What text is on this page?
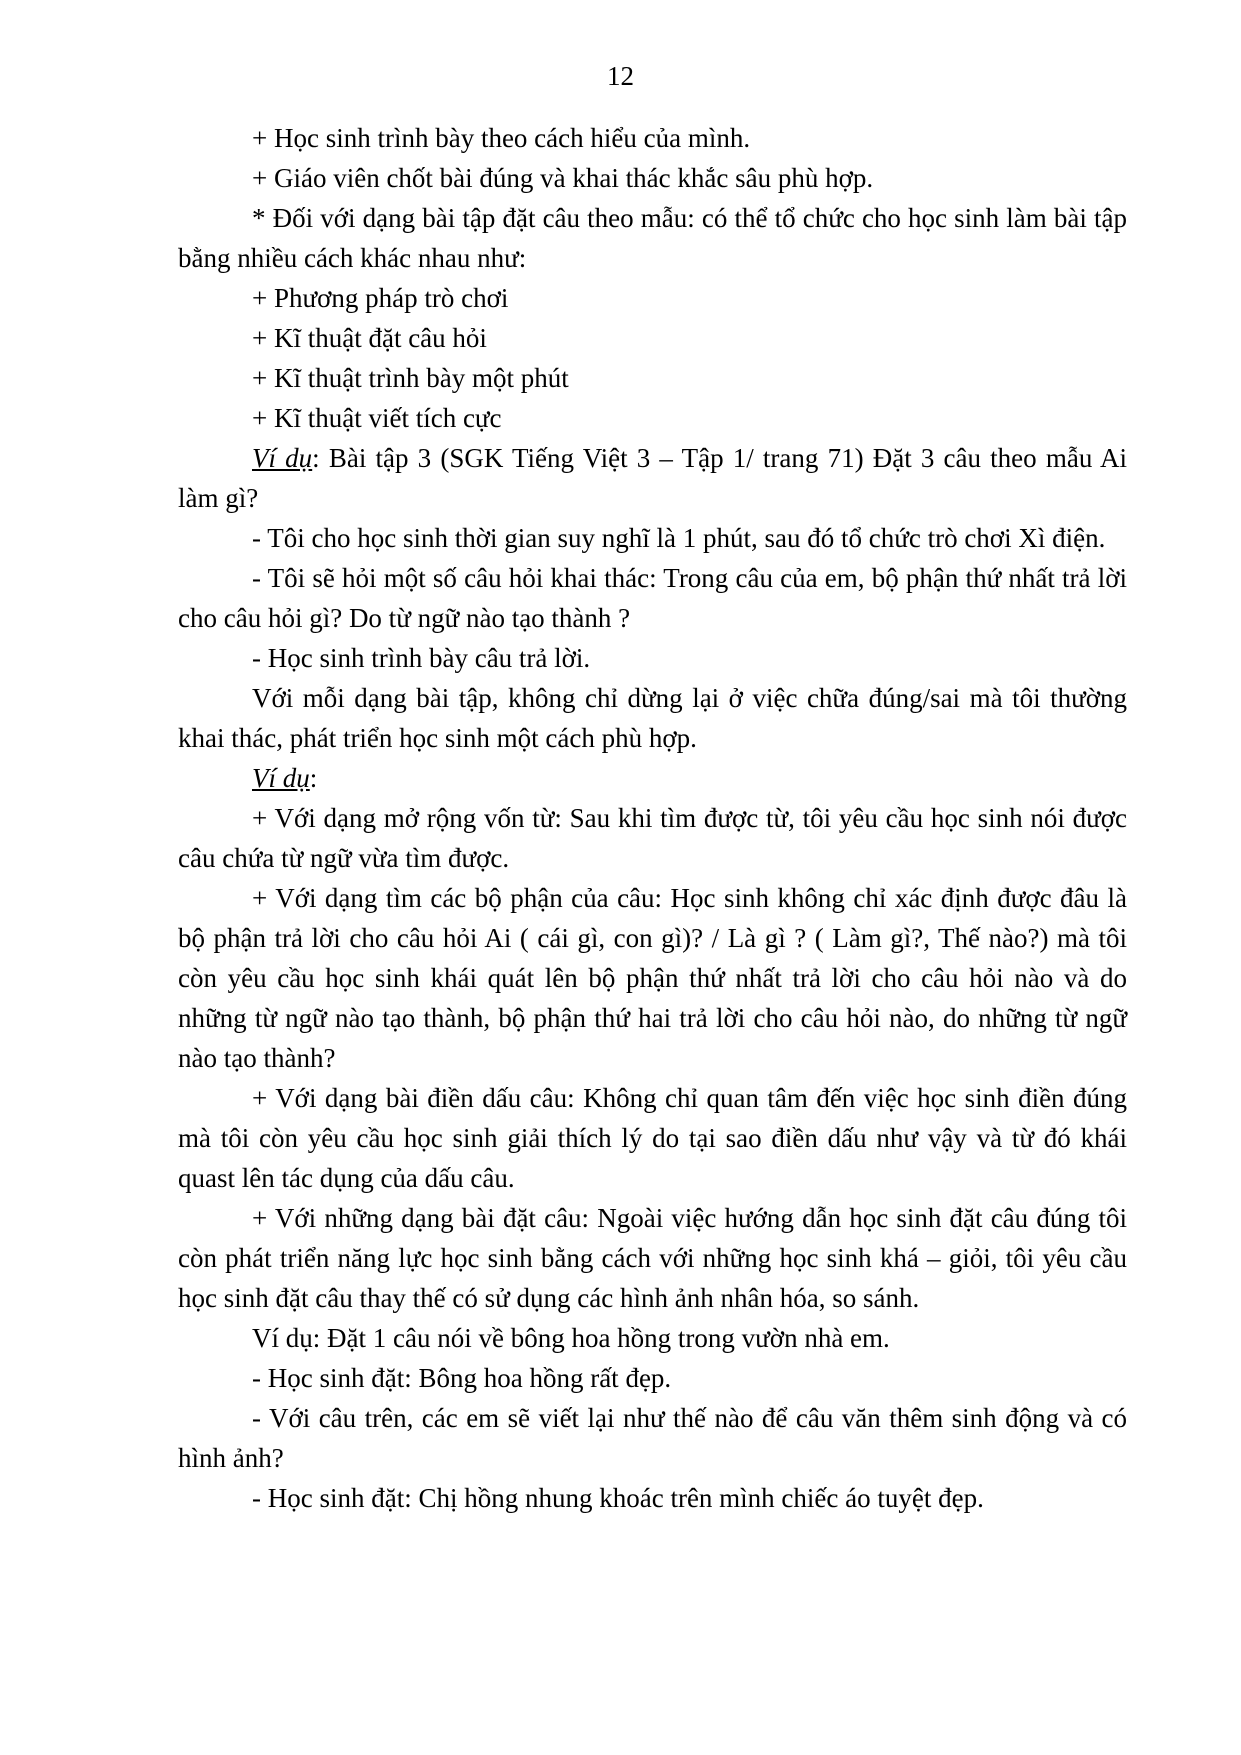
12

+ Học sinh trình bày theo cách hiểu của mình.

+ Giáo viên chốt bài đúng và khai thác khắc sâu phù hợp.

* Đối với dạng bài tập đặt câu theo mẫu: có thể tổ chức cho học sinh làm bài tập bằng nhiều cách khác nhau như:

+ Phương pháp trò chơi

+ Kĩ thuật đặt câu hỏi

+ Kĩ thuật trình bày một phút

+ Kĩ thuật viết tích cực

Ví dụ: Bài tập 3 (SGK Tiếng Việt 3 – Tập 1/ trang 71) Đặt 3 câu theo mẫu Ai làm gì?

- Tôi cho học sinh thời gian suy nghĩ là 1 phút, sau đó tổ chức trò chơi Xì điện.

- Tôi sẽ hỏi một số câu hỏi khai thác: Trong câu của em, bộ phận thứ nhất trả lời cho câu hỏi gì? Do từ ngữ nào tạo thành ?

- Học sinh trình bày câu trả lời.

Với mỗi dạng bài tập, không chỉ dừng lại ở việc chữa đúng/sai mà tôi thường khai thác, phát triển học sinh một cách phù hợp.

Ví dụ:

+ Với dạng mở rộng vốn từ: Sau khi tìm được từ, tôi yêu cầu học sinh nói được câu chứa từ ngữ vừa tìm được.

+ Với dạng tìm các bộ phận của câu: Học sinh không chỉ xác định được đâu là bộ phận trả lời cho câu hỏi Ai ( cái gì, con gì)? / Là gì ? ( Làm gì?, Thế nào?) mà tôi còn yêu cầu học sinh khái quát lên bộ phận thứ nhất trả lời cho câu hỏi nào và do những từ ngữ nào tạo thành, bộ phận thứ hai trả lời cho câu hỏi nào, do những từ ngữ nào tạo thành?

+ Với dạng bài điền dấu câu: Không chỉ quan tâm đến việc học sinh điền đúng mà tôi còn yêu cầu học sinh giải thích lý do tại sao điền dấu như vậy và từ đó khái quast lên tác dụng của dấu câu.

+ Với những dạng bài đặt câu: Ngoài việc hướng dẫn học sinh đặt câu đúng tôi còn phát triển năng lực học sinh bằng cách với những học sinh khá – giỏi, tôi yêu cầu học sinh đặt câu thay thế có sử dụng các hình ảnh nhân hóa, so sánh.

Ví dụ: Đặt 1 câu nói về bông hoa hồng trong vườn nhà em.

- Học sinh đặt: Bông hoa hồng rất đẹp.

- Với câu trên, các em sẽ viết lại như thế nào để câu văn thêm sinh động và có hình ảnh?

- Học sinh đặt: Chị hồng nhung khoác trên mình chiếc áo tuyệt đẹp.
